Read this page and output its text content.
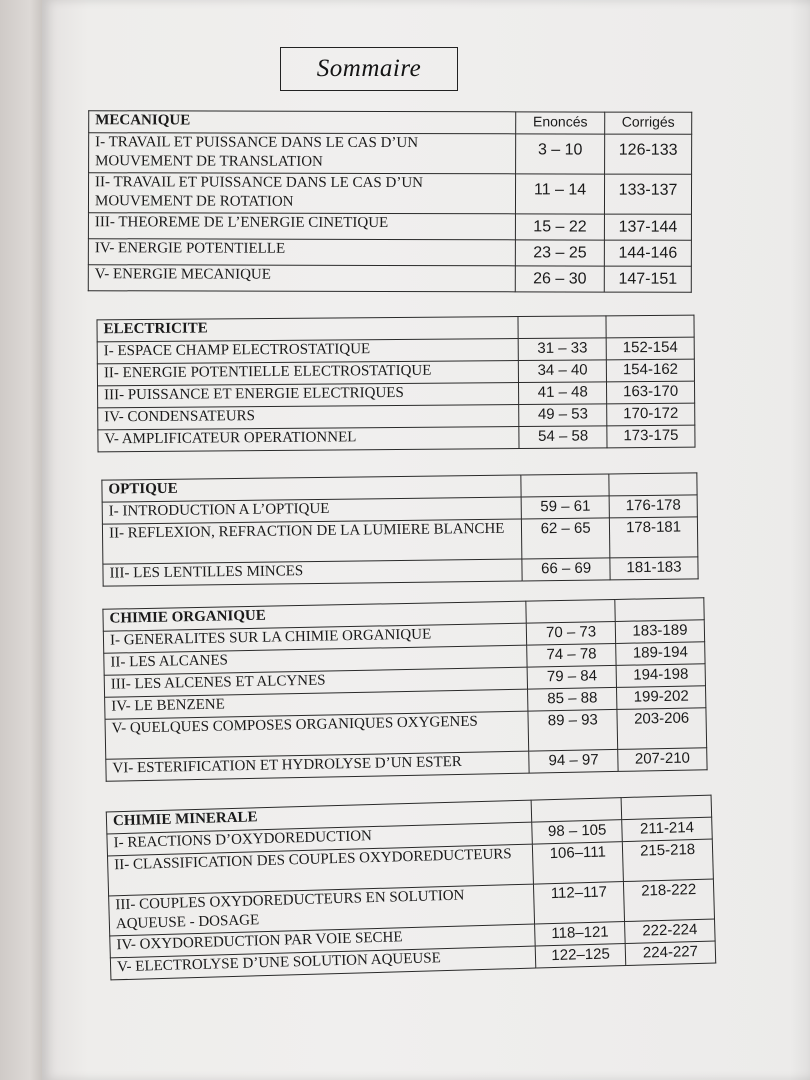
Sommaire
MECANIQUE	Enoncés	Corrigés
I- TRAVAIL ET PUISSANCE DANS LE CAS D’UN MOUVEMENT DE TRANSLATION	3 – 10	126-133
II- TRAVAIL ET PUISSANCE DANS LE CAS D’UN MOUVEMENT DE ROTATION	11 – 14	133-137
III- THEOREME DE L’ENERGIE CINETIQUE	15 – 22	137-144
IV- ENERGIE POTENTIELLE	23 – 25	144-146
V- ENERGIE MECANIQUE	26 – 30	147-151
ELECTRICITE		
I- ESPACE CHAMP ELECTROSTATIQUE	31 – 33	152-154
II- ENERGIE POTENTIELLE ELECTROSTATIQUE	34 – 40	154-162
III- PUISSANCE ET ENERGIE ELECTRIQUES	41 – 48	163-170
IV- CONDENSATEURS	49 – 53	170-172
V- AMPLIFICATEUR OPERATIONNEL	54 – 58	173-175
OPTIQUE		
I- INTRODUCTION A L’OPTIQUE	59 – 61	176-178
II- REFLEXION, REFRACTION DE LA LUMIERE BLANCHE	62 – 65	178-181
III- LES LENTILLES MINCES	66 – 69	181-183
CHIMIE ORGANIQUE		
I- GENERALITES SUR LA CHIMIE ORGANIQUE	70 – 73	183-189
II- LES ALCANES	74 – 78	189-194
III- LES ALCENES ET ALCYNES	79 – 84	194-198
IV- LE BENZENE	85 – 88	199-202
V- QUELQUES COMPOSES ORGANIQUES OXYGENES	89 – 93	203-206
VI- ESTERIFICATION ET HYDROLYSE D’UN ESTER	94 – 97	207-210
CHIMIE MINERALE		
I- REACTIONS D’OXYDOREDUCTION	98 – 105	211-214
II- CLASSIFICATION DES COUPLES OXYDOREDUCTEURS	106–111	215-218
III- COUPLES OXYDOREDUCTEURS EN SOLUTION AQUEUSE - DOSAGE	112–117	218-222
IV- OXYDOREDUCTION PAR VOIE SECHE	118–121	222-224
V- ELECTROLYSE D’UNE SOLUTION AQUEUSE	122–125	224-227
